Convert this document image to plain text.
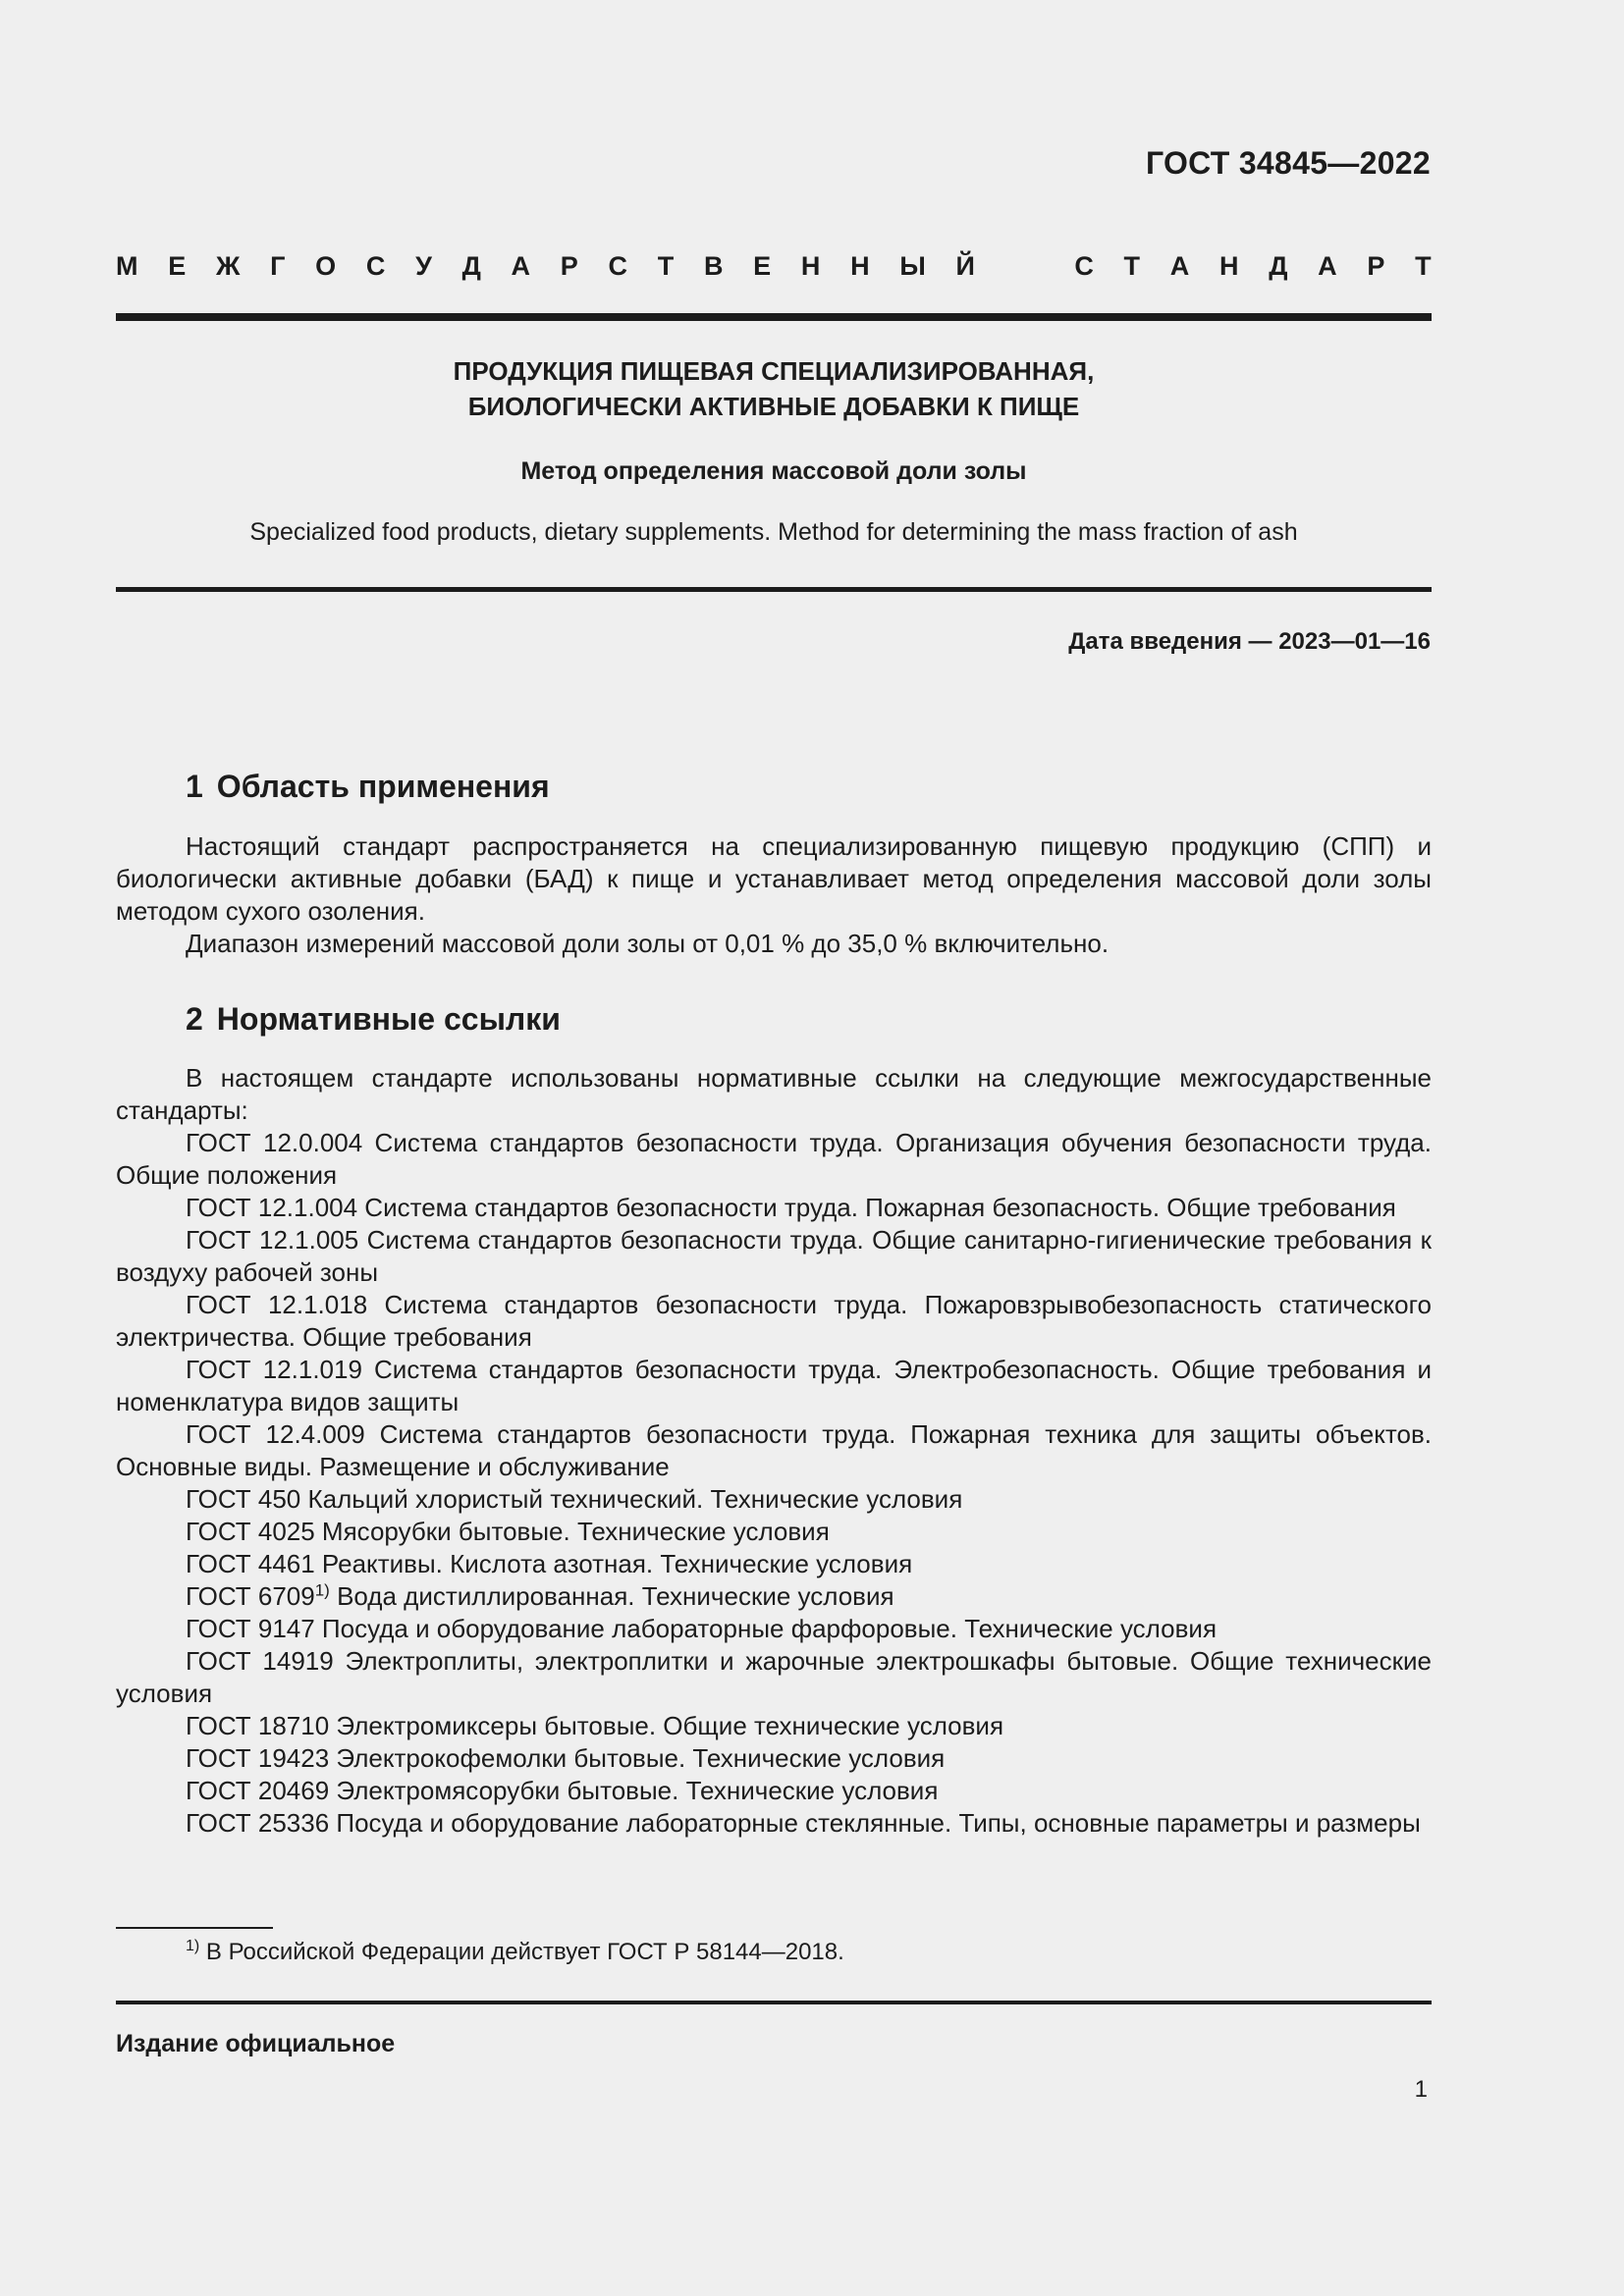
ГОСТ 34845—2022
М Е Ж Г О С У Д А Р С Т В Е Н Н Ы Й	С Т А Н Д А Р Т
ПРОДУКЦИЯ ПИЩЕВАЯ СПЕЦИАЛИЗИРОВАННАЯ,
БИОЛОГИЧЕСКИ АКТИВНЫЕ ДОБАВКИ К ПИЩЕ
Метод определения массовой доли золы
Specialized food products, dietary supplements. Method for determining the mass fraction of ash
Дата введения — 2023—01—16
1 Область применения

Настоящий стандарт распространяется на специализированную пищевую продукцию (СПП) и биологически активные добавки (БАД) к пище и устанавливает метод определения массовой доли золы методом сухого озоления.

Диапазон измерений массовой доли золы от 0,01 % до 35,0 % включительно.

2 Нормативные ссылки

В настоящем стандарте использованы нормативные ссылки на следующие межгосударственные стандарты:

ГОСТ 12.0.004 Система стандартов безопасности труда. Организация обучения безопасности труда. Общие положения

ГОСТ 12.1.004 Система стандартов безопасности труда. Пожарная безопасность. Общие требования

ГОСТ 12.1.005 Система стандартов безопасности труда. Общие санитарно-гигиенические требования к воздуху рабочей зоны

ГОСТ 12.1.018 Система стандартов безопасности труда. Пожаровзрывобезопасность статического электричества. Общие требования

ГОСТ 12.1.019 Система стандартов безопасности труда. Электробезопасность. Общие требования и номенклатура видов защиты

ГОСТ 12.4.009 Система стандартов безопасности труда. Пожарная техника для защиты объектов. Основные виды. Размещение и обслуживание

ГОСТ 450 Кальций хлористый технический. Технические условия

ГОСТ 4025 Мясорубки бытовые. Технические условия

ГОСТ 4461 Реактивы. Кислота азотная. Технические условия

ГОСТ 6709$^{1)}$ Вода дистиллированная. Технические условия

ГОСТ 9147 Посуда и оборудование лабораторные фарфоровые. Технические условия

ГОСТ 14919 Электроплиты, электроплитки и жарочные электрошкафы бытовые. Общие технические условия

ГОСТ 18710 Электромиксеры бытовые. Общие технические условия

ГОСТ 19423 Электрокофемолки бытовые. Технические условия

ГОСТ 20469 Электромясорубки бытовые. Технические условия

ГОСТ 25336 Посуда и оборудование лабораторные стеклянные. Типы, основные параметры и размеры

$^{1)}$ В Российской Федерации действует ГОСТ Р 58144—2018.
Издание официальное
1
